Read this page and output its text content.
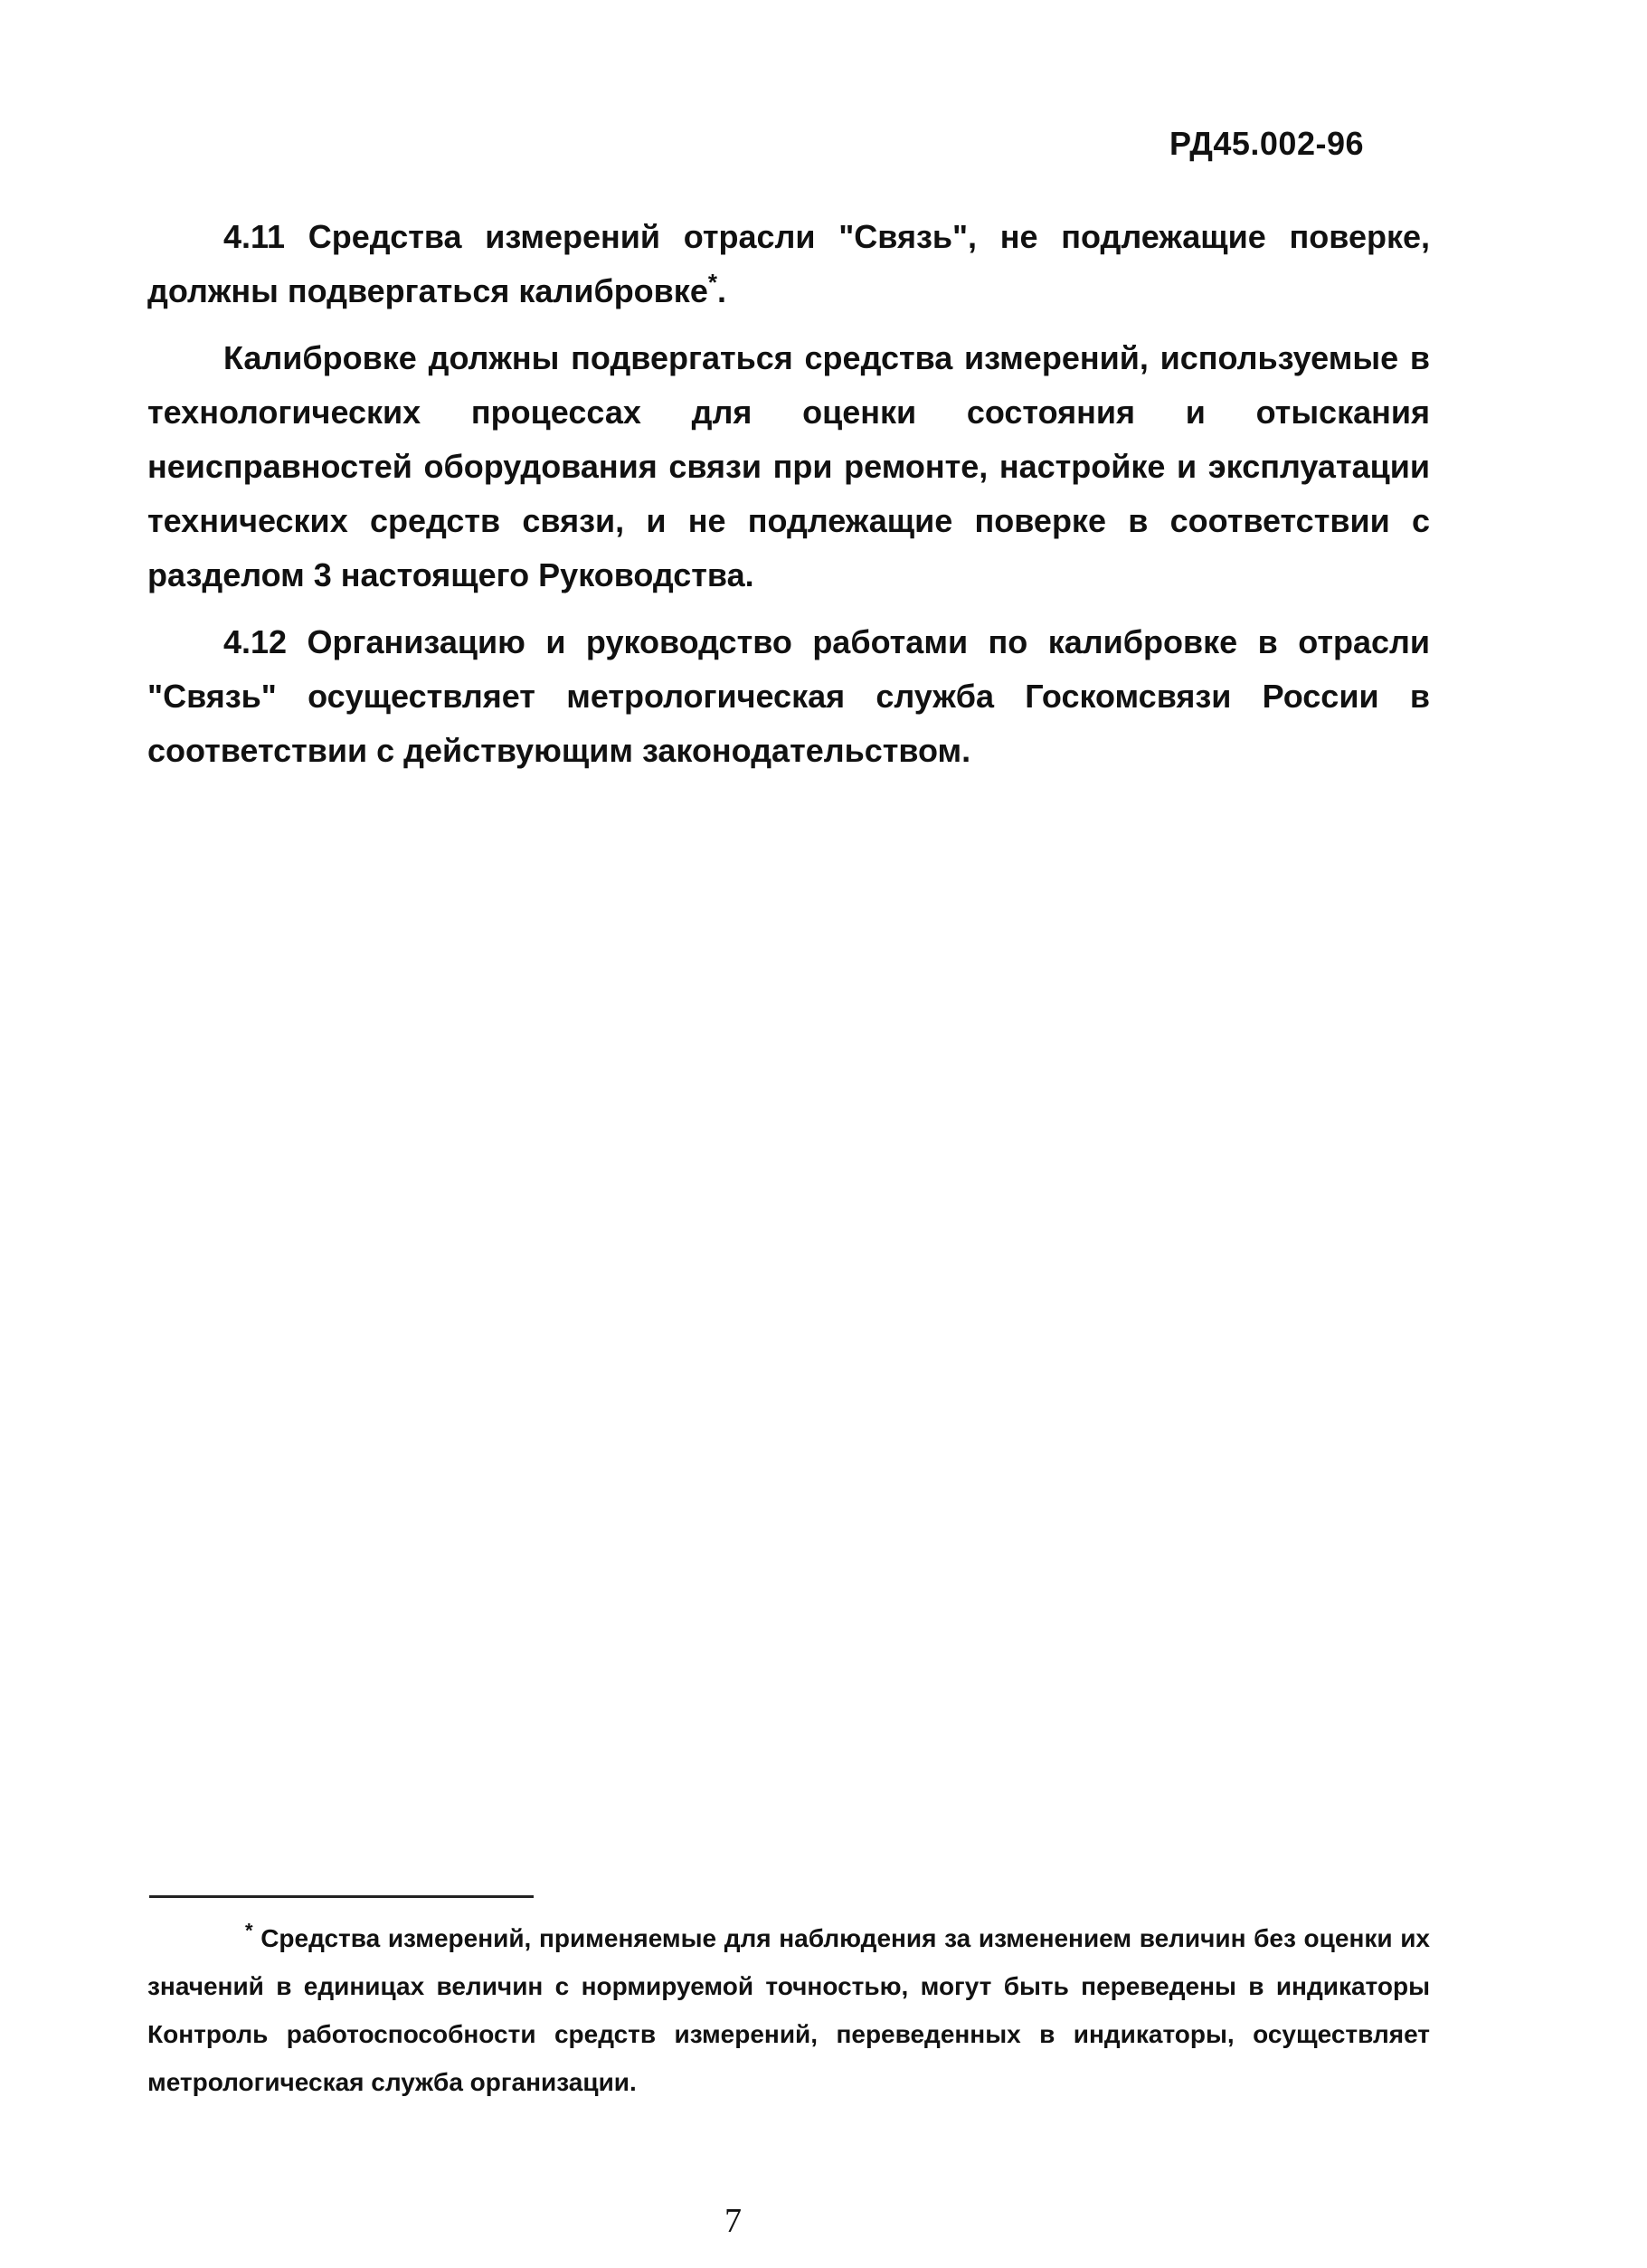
РД45.002-96

4.11 Средства измерений отрасли "Связь", не подлежащие поверке, должны подвергаться калибровке*.

Калибровке должны подвергаться средства измерений, используемые в технологических процессах для оценки состояния и отыскания неисправностей оборудования связи при ремонте, настройке и эксплуатации технических средств связи, и не подлежащие поверке в соответствии с разделом 3 настоящего Руководства.

4.12 Организацию и руководство работами по калибровке в отрасли "Связь" осуществляет метрологическая служба Госкомсвязи России в соответствии с действующим законодательством.

* Средства измерений, применяемые для наблюдения за изменением величин без оценки их значений в единицах величин с нормируемой точностью, могут быть переведены в индикаторы Контроль работоспособности средств измерений, переведенных в индикаторы, осуществляет метрологическая служба организации.

7
